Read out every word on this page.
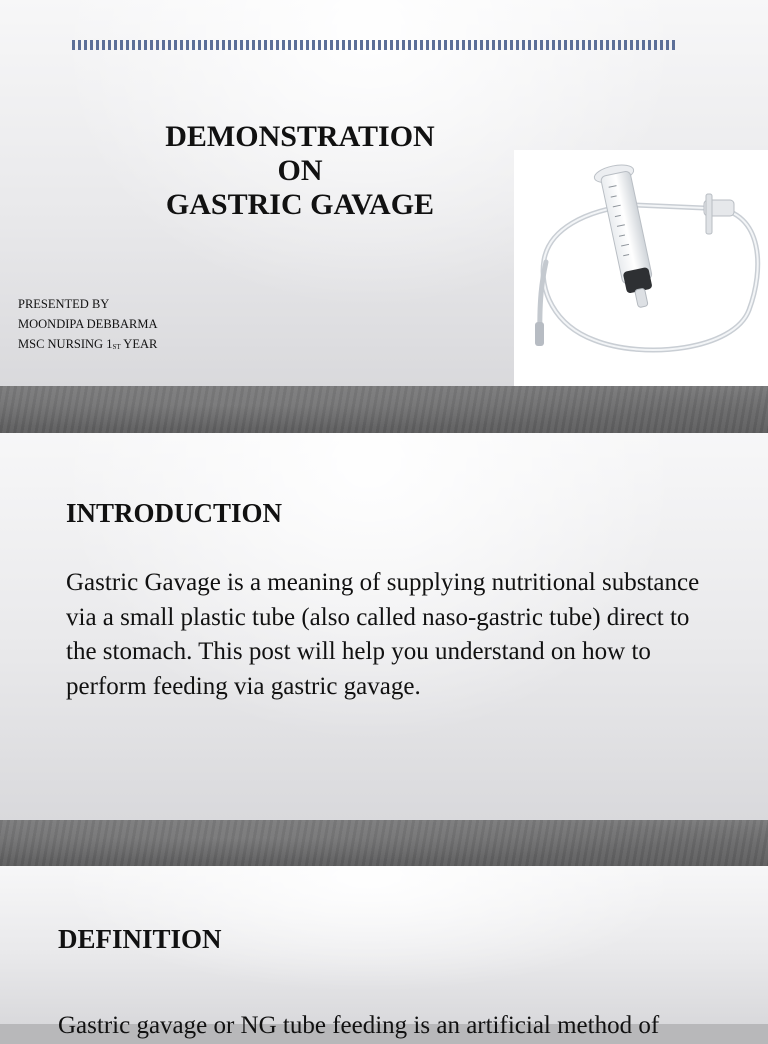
DEMONSTRATION
ON
GASTRIC GAVAGE
PRESENTED BY
MOONDIPA DEBBARMA
MSC NURSING 1ST YEAR
INTRODUCTION
Gastric Gavage is a meaning of supplying nutritional substance via a small plastic tube (also called naso-gastric tube) direct to the stomach. This post will help you understand on how to perform feeding via gastric gavage.
DEFINITION
Gastric gavage or NG tube feeding is an artificial method of
